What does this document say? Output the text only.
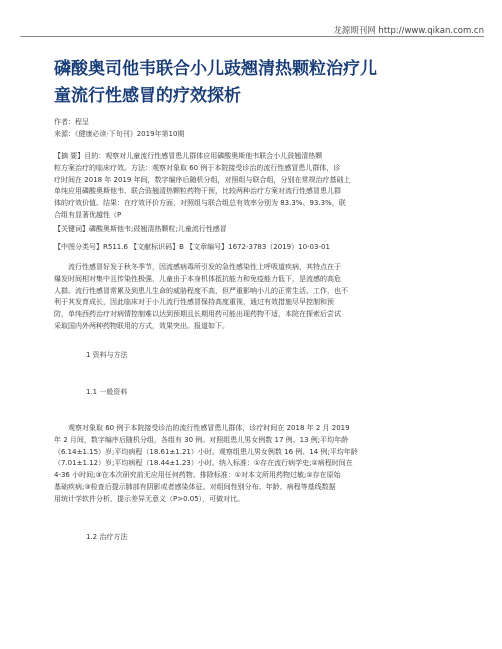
龙源期刊网 http://www.qikan.com.cn
磷酸奥司他韦联合小儿豉翘清热颗粒治疗儿
童流行性感冒的疗效探析
作者：程呈
来源：《健康必读·下旬刊》2019年第10期
【摘 要】目的：观察对儿童流行性感冒患儿群体应用磷酸奥斯他韦联合小儿豉翘清热颗
粒方案治疗的临床疗效。方法：观察对象取 60 例于本院接受诊治的流行性感冒患儿群体，诊
疗时间在 2018 年 2019 年间，数字编序后随机分组，对照组与联合组，分别在常规治疗基础上
单纯应用磷酸奥斯他韦、联合豉翘清热颗粒药物干预，比较两种治疗方案对流行性感冒患儿群
体的疗效价值。结果：在疗效评价方面，对照组与联合组总有效率分别为 83.3%、93.3%，联
合组有显著优越性（P
【关键词】磷酸奥斯他韦;豉翘清热颗粒;儿童流行性感冒
【中图分类号】R511.6 【文献标识码】B 【文章编号】1672-3783（2019）10-03-01
流行性感冒好发于秋冬季节，因流感病毒所引发的急性感染性上呼吸道疾病，其特点在于
爆发时间相对集中且传染性极强，儿童由于本身机体抵抗能力和免疫能力低下，是流感的高危
人群。流行性感冒常累及到患儿生命的威胁程度不高，但严重影响小儿的正常生活、工作，也不
利于其发育成长，因此临床对于小儿流行性感冒保持高度重视，通过有效措施尽早控制和预
防，单纯西药治疗对病情控制难以达到预期且长期用药可能出现药物不适，本院在探索后尝试
采取国内外两种药物联用的方式，效果突出。报道如下。
1 资料与方法
1.1 一般资料
观察对象取 60 例于本院接受诊治的流行性感冒患儿群体，诊疗时间在 2018 年 2 月 2019
年 2 月间，数字编序后随机分组，各组有 30 例。对照组患儿男女例数 17 例、13 例;平均年龄
（6.14±1.15）岁;平均病程（18.61±1.21）小时。观察组患儿男女例数 16 例、14 例;平均年龄
（7.01±1.12）岁;平均病程（18.44±1.23）小时。纳入标准：①存在流行病学史;②病程时间在
4-36 小时间;③在本次研究前无应用任何药物。排除标准：①对本文所用药物过敏;②存在原始
基础疾病;③检查后提示肺部有阴影或者感染体征。对组间性别分布、年龄、病程等基线数据
用统计学软件分析，提示差异无意义（P>0.05），可做对比。
1.2 治疗方法
